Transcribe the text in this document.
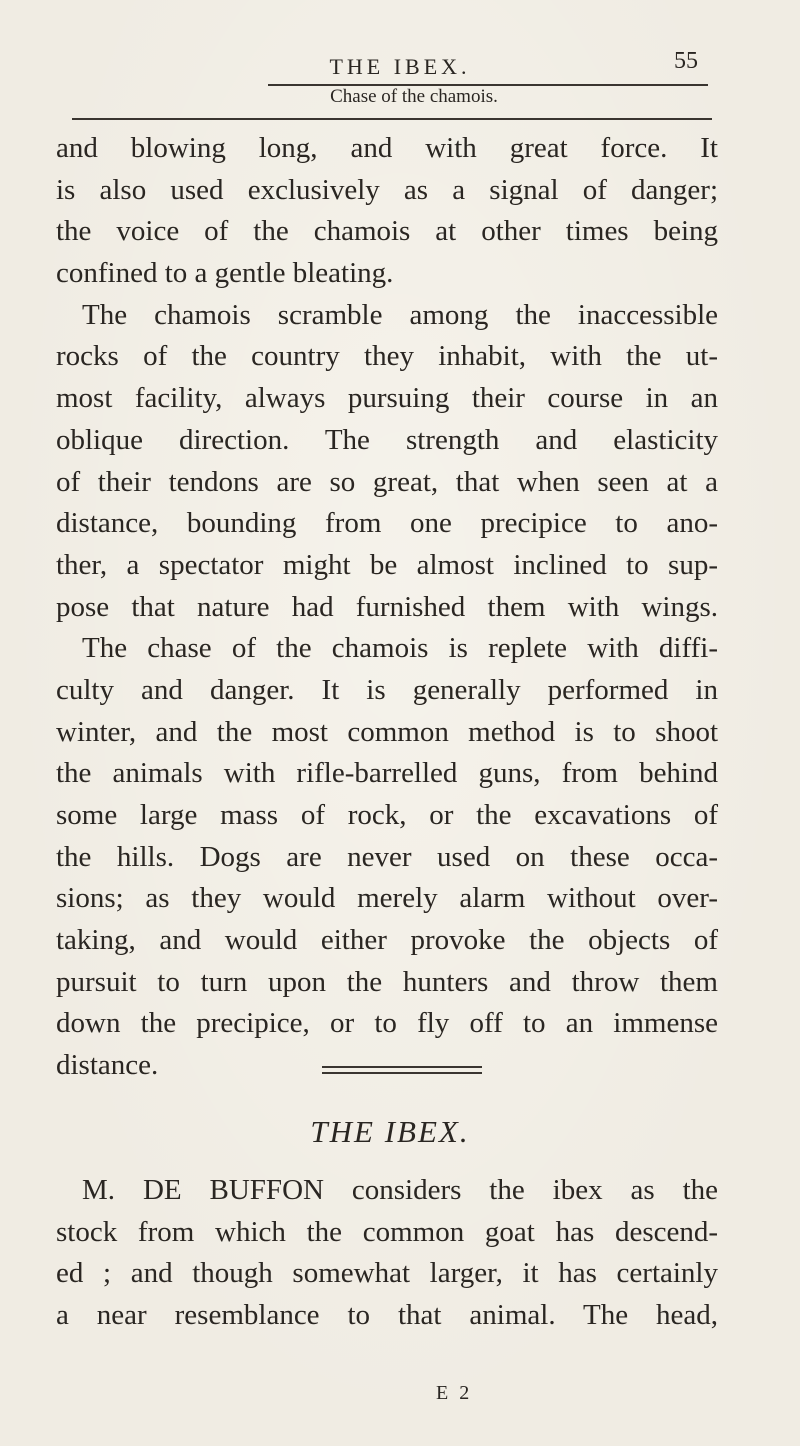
THE IBEX.	55
Chase of the chamois.
and blowing long, and with great force. It
is also used exclusively as a signal of danger;
the voice of the chamois at other times being
confined to a gentle bleating.
The chamois scramble among the inaccessible
rocks of the country they inhabit, with the ut-
most facility, always pursuing their course in an
oblique direction. The strength and elasticity
of their tendons are so great, that when seen at a
distance, bounding from one precipice to ano-
ther, a spectator might be almost inclined to sup-
pose that nature had furnished them with wings.
The chase of the chamois is replete with diffi-
culty and danger. It is generally performed in
winter, and the most common method is to shoot
the animals with rifle-barrelled guns, from behind
some large mass of rock, or the excavations of
the hills. Dogs are never used on these occa-
sions; as they would merely alarm without over-
taking, and would either provoke the objects of
pursuit to turn upon the hunters and throw them
down the precipice, or to fly off to an immense
distance.
THE IBEX.
M. DE BUFFON considers the ibex as the
stock from which the common goat has descend-
ed ; and though somewhat larger, it has certainly
a near resemblance to that animal. The head,
E 2
